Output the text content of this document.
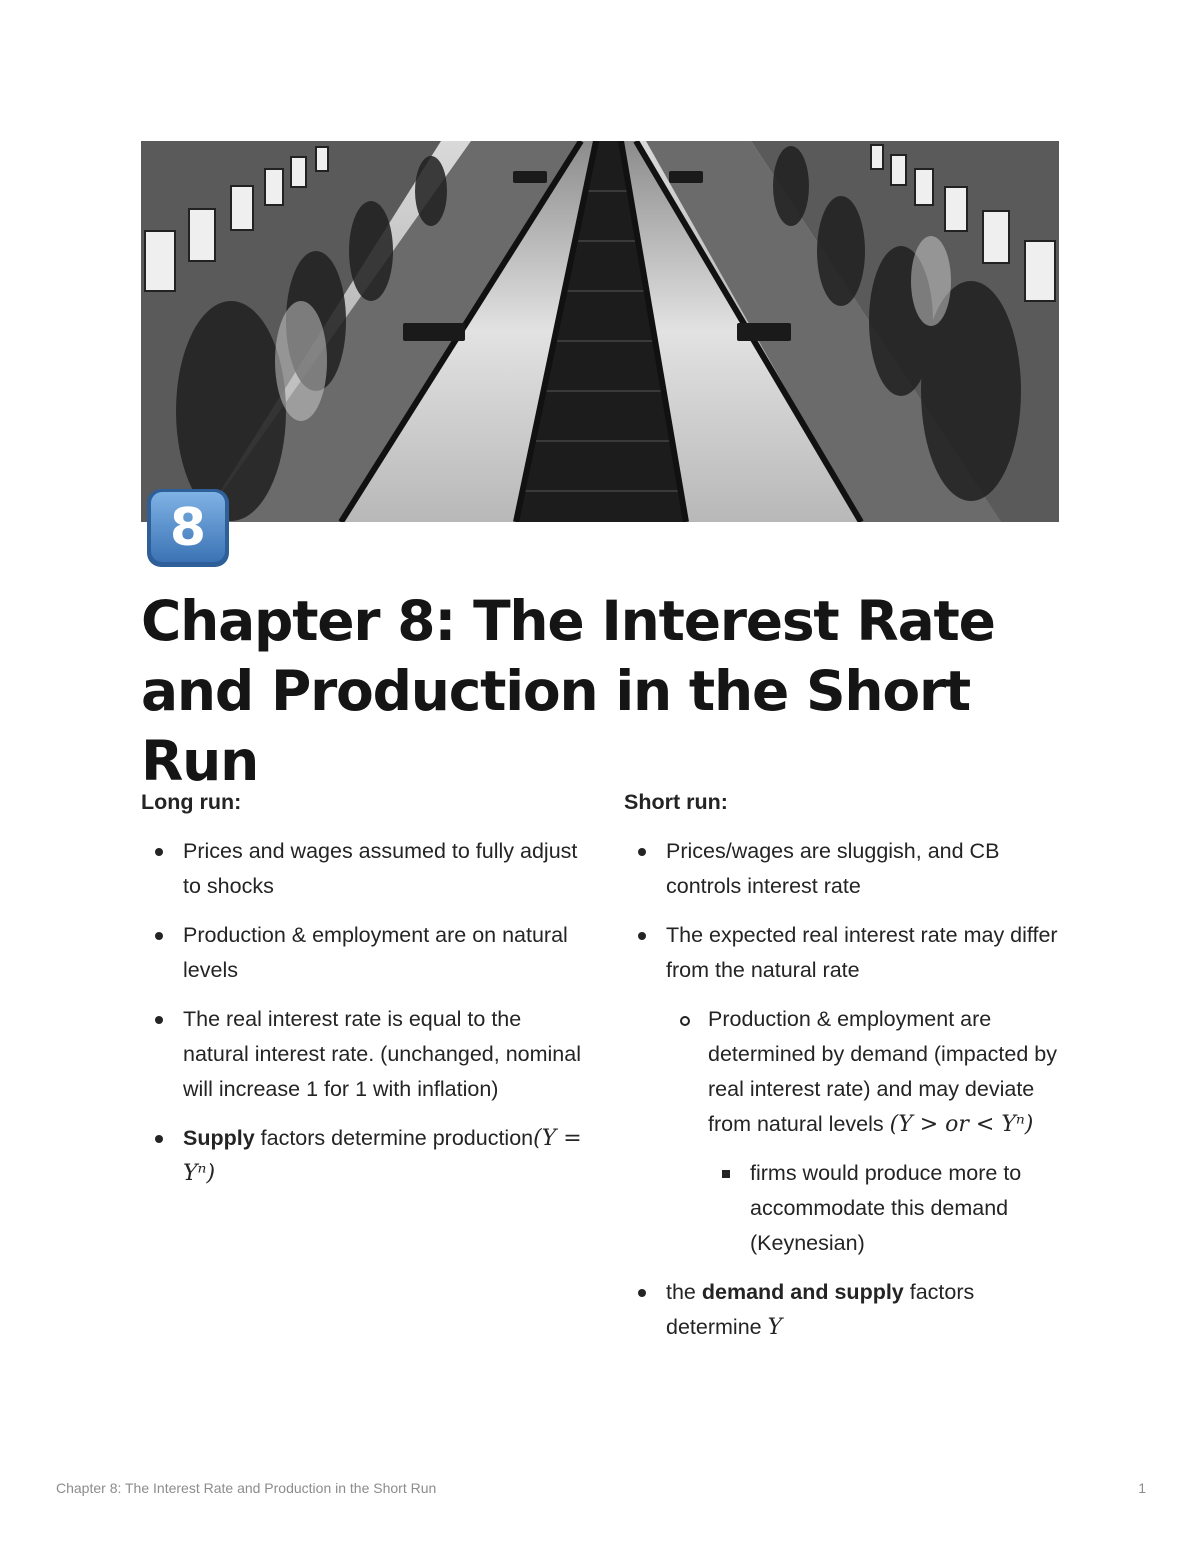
8
Chapter 8: The Interest Rate and Production in the Short Run
Long run:
Prices and wages assumed to fully adjust to shocks
Production & employment are on natural levels
The real interest rate is equal to the natural interest rate. (unchanged, nominal will increase 1 for 1 with inflation)
Supply factors determine production(Y = Yⁿ)
Short run:
Prices/wages are sluggish, and CB controls interest rate
The expected real interest rate may differ from the natural rate
Production & employment are determined by demand (impacted by real interest rate) and may deviate from natural levels (Y > or < Yⁿ)
firms would produce more to accommodate this demand (Keynesian)
the demand and supply factors determine Y
Chapter 8: The Interest Rate and Production in the Short Run	1
